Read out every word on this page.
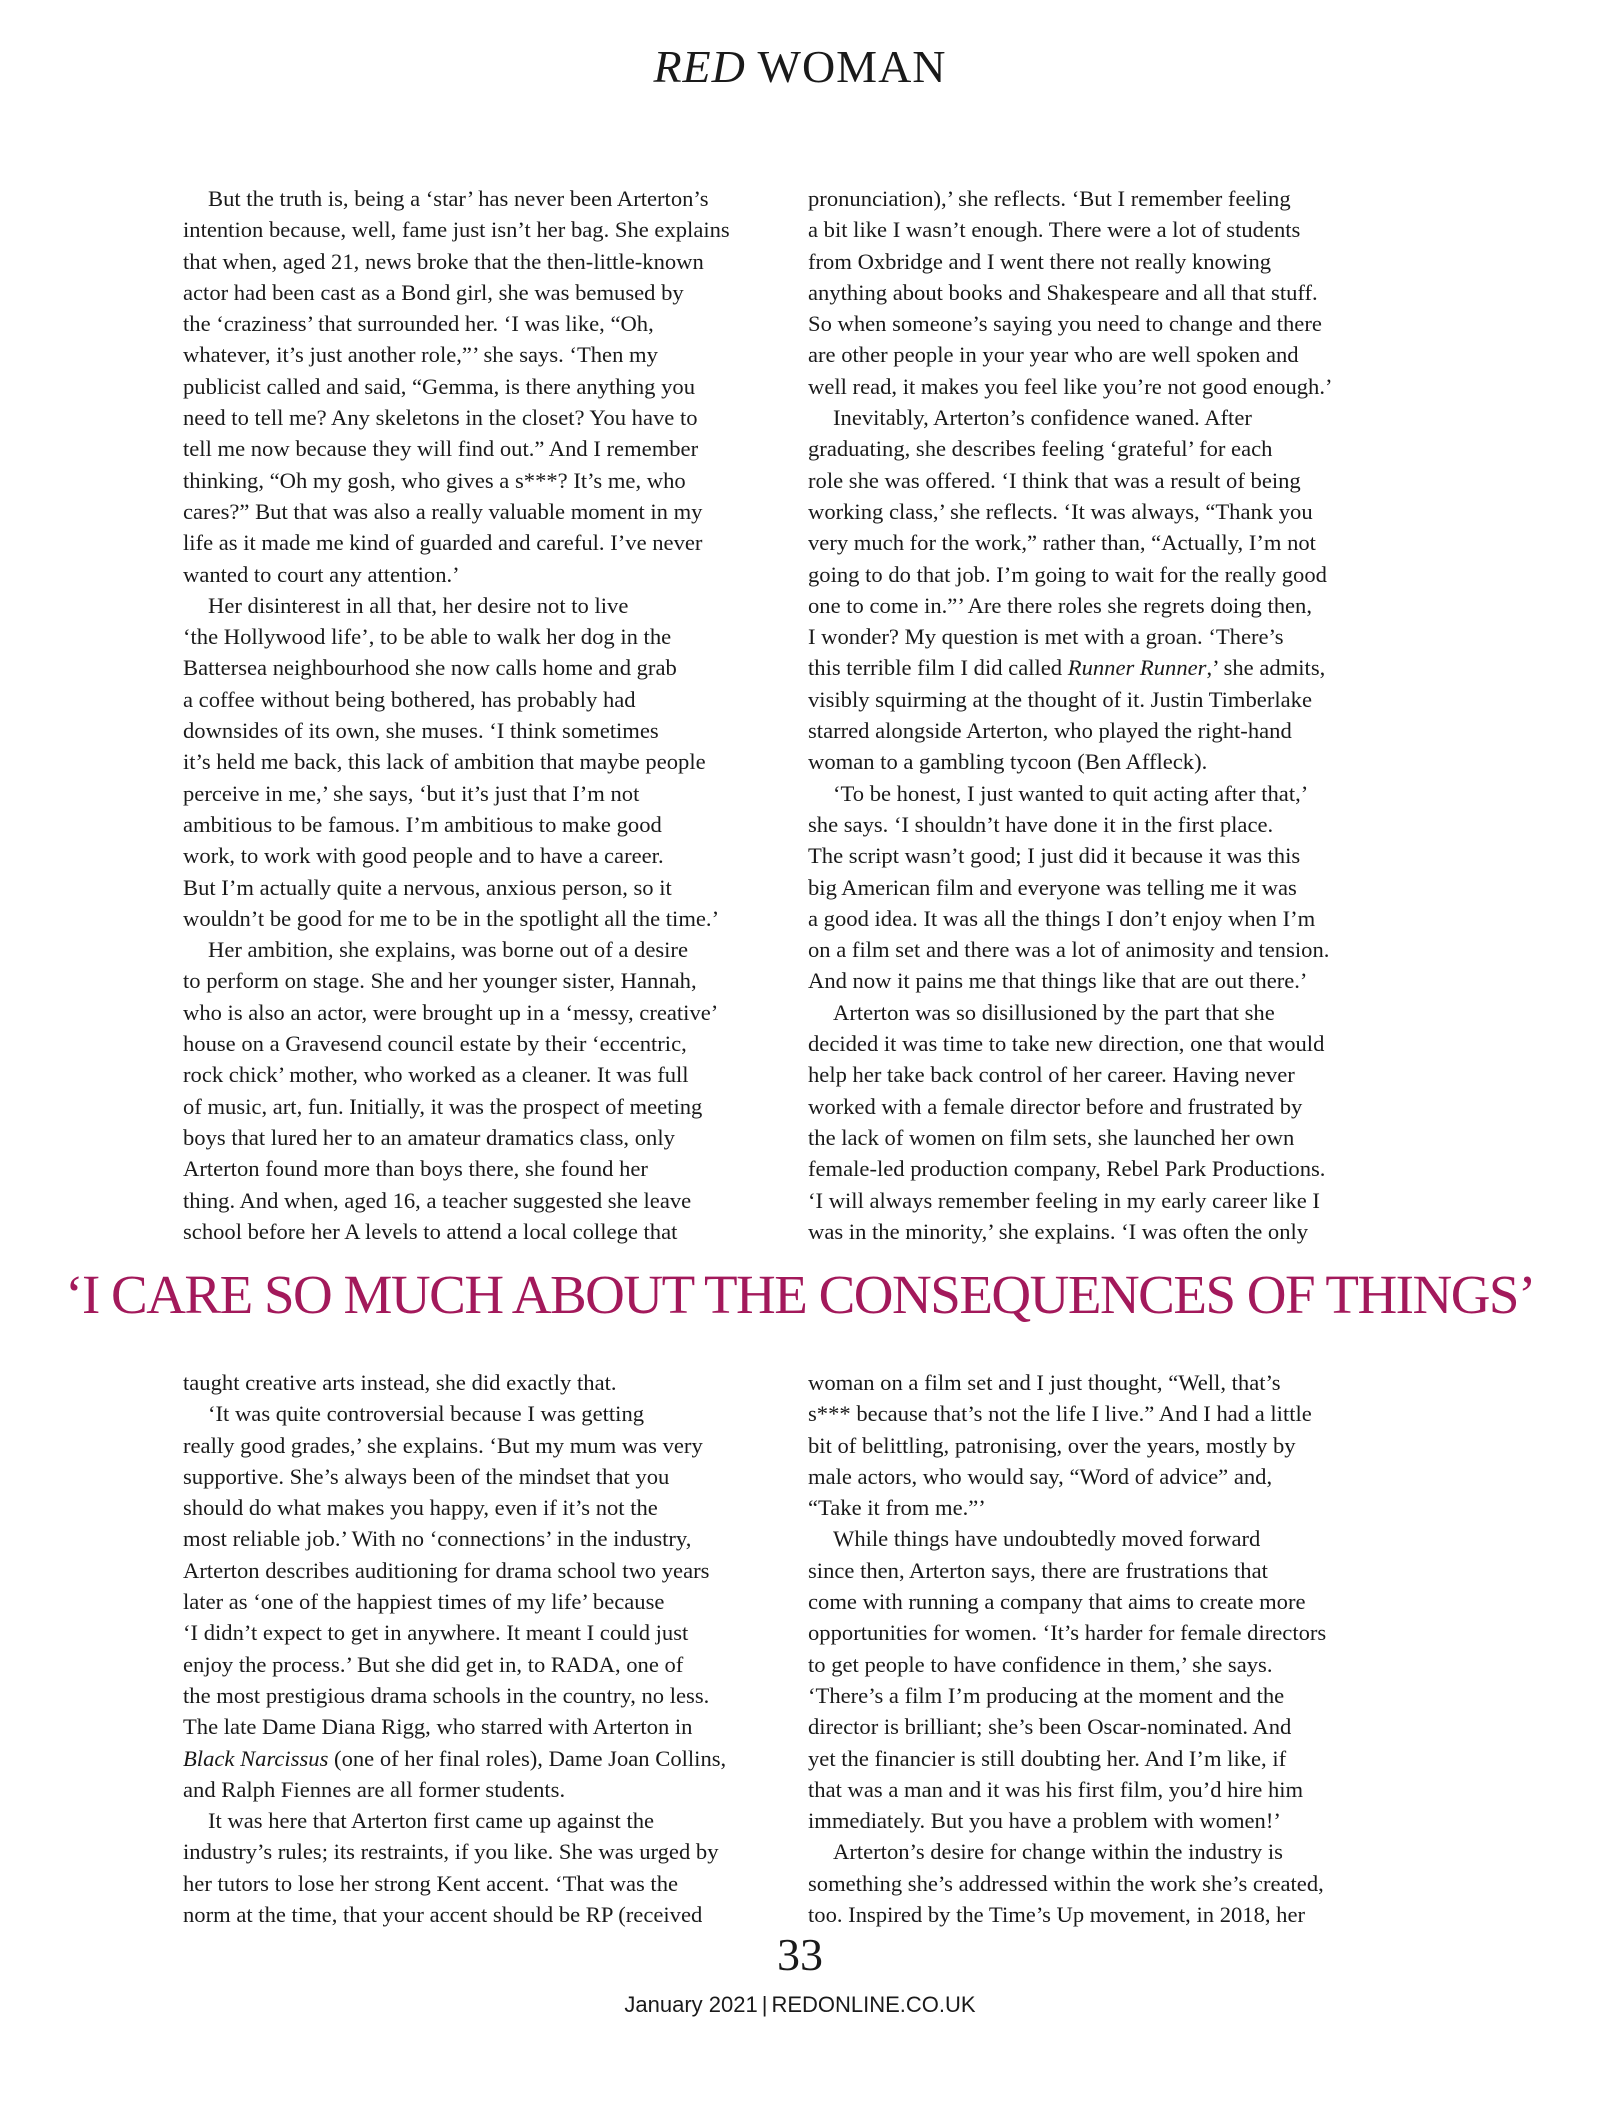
RED WOMAN
But the truth is, being a ‘star’ has never been Arterton’s
intention because, well, fame just isn’t her bag. She explains
that when, aged 21, news broke that the then-little-known
actor had been cast as a Bond girl, she was bemused by
the ‘craziness’ that surrounded her. ‘I was like, “Oh,
whatever, it’s just another role,”’ she says. ‘Then my
publicist called and said, “Gemma, is there anything you
need to tell me? Any skeletons in the closet? You have to
tell me now because they will find out.” And I remember
thinking, “Oh my gosh, who gives a s***? It’s me, who
cares?” But that was also a really valuable moment in my
life as it made me kind of guarded and careful. I’ve never
wanted to court any attention.’
Her disinterest in all that, her desire not to live
‘the Hollywood life’, to be able to walk her dog in the
Battersea neighbourhood she now calls home and grab
a coffee without being bothered, has probably had
downsides of its own, she muses. ‘I think sometimes
it’s held me back, this lack of ambition that maybe people
perceive in me,’ she says, ‘but it’s just that I’m not
ambitious to be famous. I’m ambitious to make good
work, to work with good people and to have a career.
But I’m actually quite a nervous, anxious person, so it
wouldn’t be good for me to be in the spotlight all the time.’
Her ambition, she explains, was borne out of a desire
to perform on stage. She and her younger sister, Hannah,
who is also an actor, were brought up in a ‘messy, creative’
house on a Gravesend council estate by their ‘eccentric,
rock chick’ mother, who worked as a cleaner. It was full
of music, art, fun. Initially, it was the prospect of meeting
boys that lured her to an amateur dramatics class, only
Arterton found more than boys there, she found her
thing. And when, aged 16, a teacher suggested she leave
school before her A levels to attend a local college that
pronunciation),’ she reflects. ‘But I remember feeling
a bit like I wasn’t enough. There were a lot of students
from Oxbridge and I went there not really knowing
anything about books and Shakespeare and all that stuff.
So when someone’s saying you need to change and there
are other people in your year who are well spoken and
well read, it makes you feel like you’re not good enough.’
Inevitably, Arterton’s confidence waned. After
graduating, she describes feeling ‘grateful’ for each
role she was offered. ‘I think that was a result of being
working class,’ she reflects. ‘It was always, “Thank you
very much for the work,” rather than, “Actually, I’m not
going to do that job. I’m going to wait for the really good
one to come in.”’ Are there roles she regrets doing then,
I wonder? My question is met with a groan. ‘There’s
this terrible film I did called Runner Runner,’ she admits,
visibly squirming at the thought of it. Justin Timberlake
starred alongside Arterton, who played the right-hand
woman to a gambling tycoon (Ben Affleck).
‘To be honest, I just wanted to quit acting after that,’
she says. ‘I shouldn’t have done it in the first place.
The script wasn’t good; I just did it because it was this
big American film and everyone was telling me it was
a good idea. It was all the things I don’t enjoy when I’m
on a film set and there was a lot of animosity and tension.
And now it pains me that things like that are out there.’
Arterton was so disillusioned by the part that she
decided it was time to take new direction, one that would
help her take back control of her career. Having never
worked with a female director before and frustrated by
the lack of women on film sets, she launched her own
female-led production company, Rebel Park Productions.
‘I will always remember feeling in my early career like I
was in the minority,’ she explains. ‘I was often the only
‘I CARE SO MUCH ABOUT THE CONSEQUENCES OF THINGS’
taught creative arts instead, she did exactly that.
‘It was quite controversial because I was getting
really good grades,’ she explains. ‘But my mum was very
supportive. She’s always been of the mindset that you
should do what makes you happy, even if it’s not the
most reliable job.’ With no ‘connections’ in the industry,
Arterton describes auditioning for drama school two years
later as ‘one of the happiest times of my life’ because
‘I didn’t expect to get in anywhere. It meant I could just
enjoy the process.’ But she did get in, to RADA, one of
the most prestigious drama schools in the country, no less.
The late Dame Diana Rigg, who starred with Arterton in
Black Narcissus (one of her final roles), Dame Joan Collins,
and Ralph Fiennes are all former students.
It was here that Arterton first came up against the
industry’s rules; its restraints, if you like. She was urged by
her tutors to lose her strong Kent accent. ‘That was the
norm at the time, that your accent should be RP (received
woman on a film set and I just thought, “Well, that’s
s*** because that’s not the life I live.” And I had a little
bit of belittling, patronising, over the years, mostly by
male actors, who would say, “Word of advice” and,
“Take it from me.”’
While things have undoubtedly moved forward
since then, Arterton says, there are frustrations that
come with running a company that aims to create more
opportunities for women. ‘It’s harder for female directors
to get people to have confidence in them,’ she says.
‘There’s a film I’m producing at the moment and the
director is brilliant; she’s been Oscar-nominated. And
yet the financier is still doubting her. And I’m like, if
that was a man and it was his first film, you’d hire him
immediately. But you have a problem with women!’
Arterton’s desire for change within the industry is
something she’s addressed within the work she’s created,
too. Inspired by the Time’s Up movement, in 2018, her
33
January 2021 | REDONLINE.CO.UK
